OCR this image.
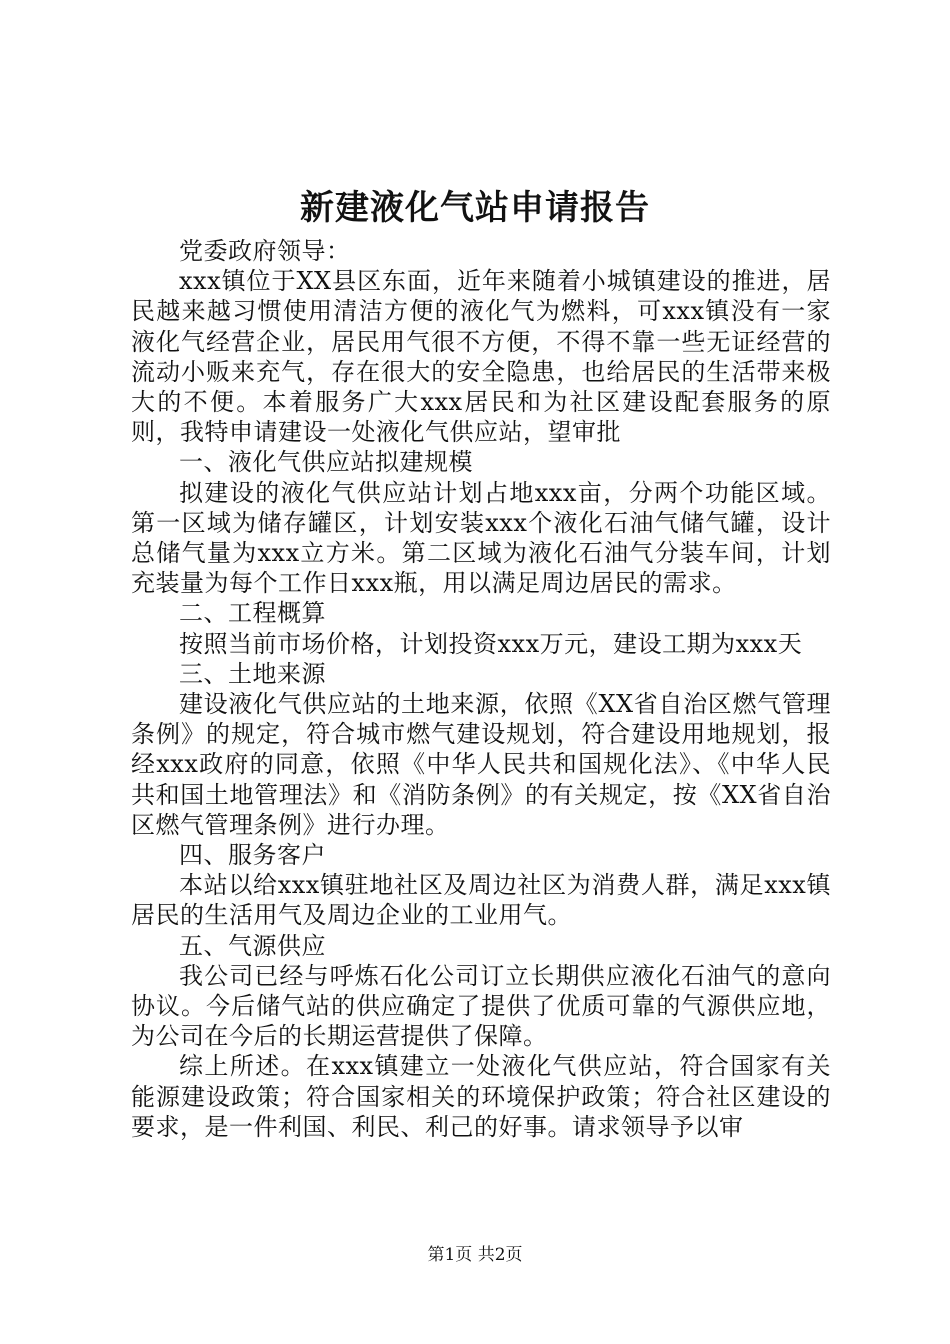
新建液化气站申请报告

党委政府领导：

xxx镇位于XX县区东面，近年来随着小城镇建设的推进，居民越来越习惯使用清洁方便的液化气为燃料，可xxx镇没有一家液化气经营企业，居民用气很不方便，不得不靠一些无证经营的流动小贩来充气，存在很大的安全隐患，也给居民的生活带来极大的不便。本着服务广大xxx居民和为社区建设配套服务的原则，我特申请建设一处液化气供应站，望审批

一、液化气供应站拟建规模

拟建设的液化气供应站计划占地xxx亩，分两个功能区域。第一区域为储存罐区，计划安装xxx个液化石油气储气罐，设计总储气量为xxx立方米。第二区域为液化石油气分装车间，计划充装量为每个工作日xxx瓶，用以满足周边居民的需求。

二、工程概算

按照当前市场价格，计划投资xxx万元，建设工期为xxx天

三、土地来源

建设液化气供应站的土地来源，依照《XX省自治区燃气管理条例》的规定，符合城市燃气建设规划，符合建设用地规划，报经xxx政府的同意，依照《中华人民共和国规化法》、《中华人民共和国土地管理法》和《消防条例》的有关规定，按《XX省自治区燃气管理条例》进行办理。

四、服务客户

本站以给xxx镇驻地社区及周边社区为消费人群，满足xxx镇居民的生活用气及周边企业的工业用气。

五、气源供应

我公司已经与呼炼石化公司订立长期供应液化石油气的意向协议。今后储气站的供应确定了提供了优质可靠的气源供应地，为公司在今后的长期运营提供了保障。

综上所述。在xxx镇建立一处液化气供应站，符合国家有关能源建设政策；符合国家相关的环境保护政策；符合社区建设的要求，是一件利国、利民、利己的好事。请求领导予以审

第1页 共2页
